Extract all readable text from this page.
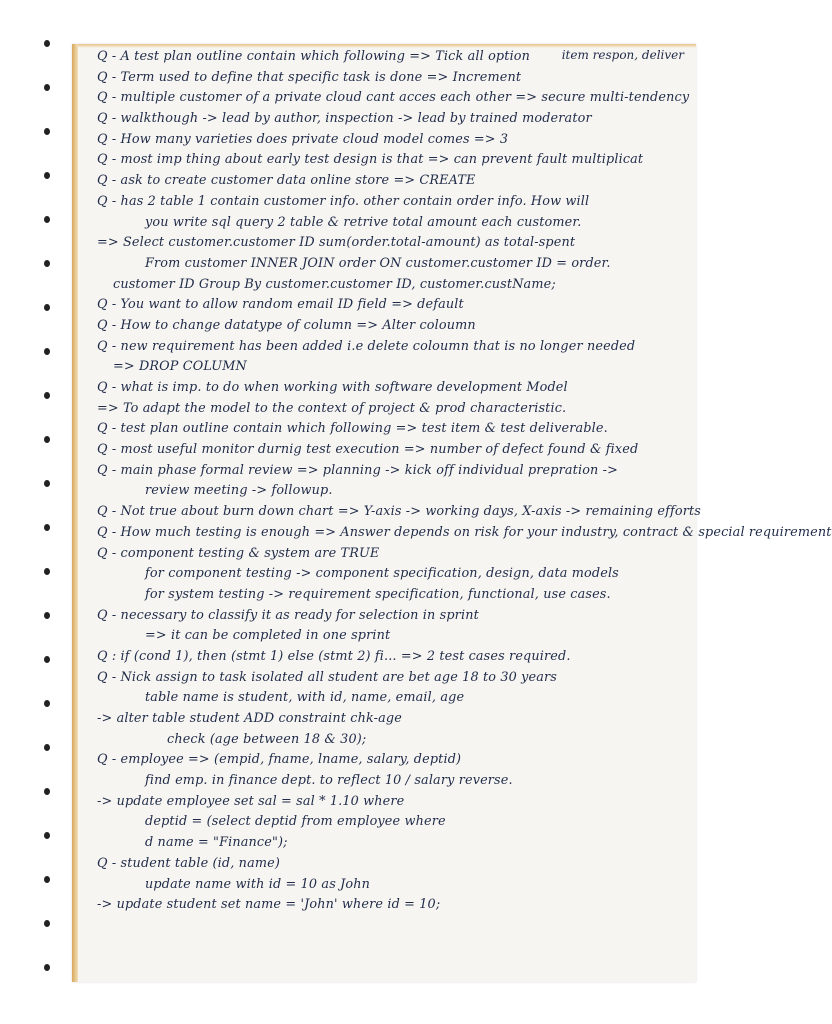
item respon, deliver
Q - A test plan outline contain which following => Tick all option
Q - Term used to define that specific task is done => Increment
Q - multiple customer of a private cloud cant acces each other => secure multi-tendency
Q - walkthough -> lead by author, inspection -> lead by trained moderator
Q - How many varieties does private cloud model comes => 3
Q - most imp thing about early test design is that => can prevent fault multiplicat
Q - ask to create customer data online store => CREATE
Q - has 2 table 1 contain customer info. other contain order info. How will
you write sql query 2 table & retrive total amount each customer.
=> Select customer.customer ID sum(order.total-amount) as total-spent
From customer INNER JOIN order ON customer.customer ID = order.
customer ID Group By customer.customer ID, customer.custName;
Q - You want to allow random email ID field => default
Q - How to change datatype of column => Alter coloumn
Q - new requirement has been added i.e delete coloumn that is no longer needed
=> DROP COLUMN
Q - what is imp. to do when working with software development Model
=> To adapt the model to the context of project & prod characteristic.
Q - test plan outline contain which following => test item & test deliverable.
Q - most useful monitor durnig test execution => number of defect found & fixed
Q - main phase formal review => planning -> kick off individual prepration ->
review meeting -> followup.
Q - Not true about burn down chart => Y-axis -> working days, X-axis -> remaining efforts
Q - How much testing is enough => Answer depends on risk for your industry, contract & special requirement
Q - component testing & system are TRUE
for component testing -> component specification, design, data models
for system testing -> requirement specification, functional, use cases.
Q - necessary to classify it as ready for selection in sprint
=> it can be completed in one sprint
Q : if (cond 1), then (stmt 1) else (stmt 2) fi... => 2 test cases required.
Q - Nick assign to task isolated all student are bet age 18 to 30 years
table name is student, with id, name, email, age
-> alter table student ADD constraint chk-age
check (age between 18 & 30);
Q - employee => (empid, fname, lname, salary, deptid)
find emp. in finance dept. to reflect 10 / salary reverse.
-> update employee set sal = sal * 1.10 where
deptid = (select deptid from employee where
d name = "Finance");
Q - student table (id, name)
update name with id = 10 as John
-> update student set name = 'John' where id = 10;
